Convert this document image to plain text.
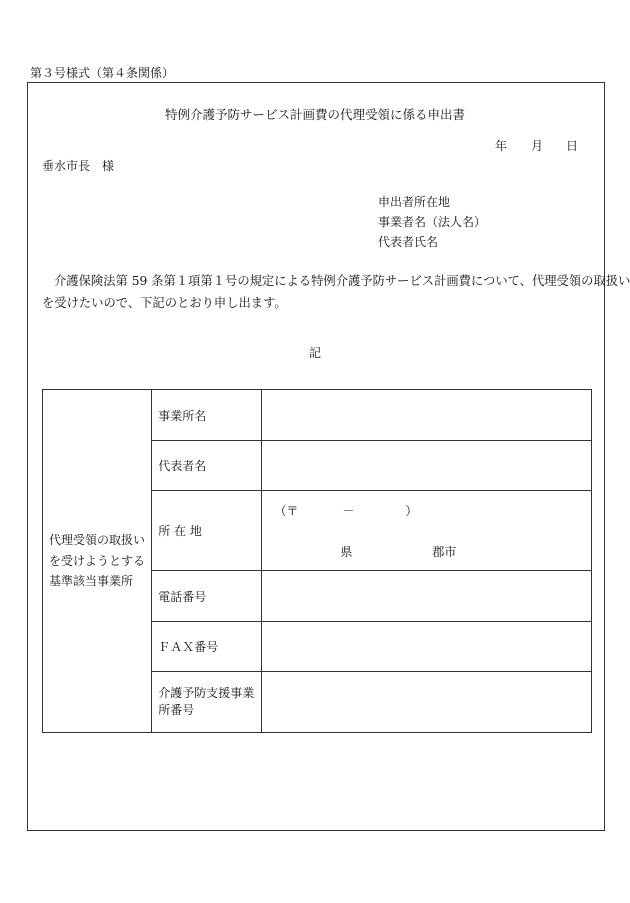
第３号様式（第４条関係）
特例介護予防サービス計画費の代理受領に係る申出書
年 月 日
垂水市長　様
申出者所在地
事業者名（法人名）
代表者氏名
介護保険法第 59 条第１項第１号の規定による特例介護予防サービス計画費について、代理受領の取扱い
を受けたいので、下記のとおり申し出ます。
記
代理受領の取扱いを受けようとする基準該当事業所	事業所名	
	代表者名	
	所 在 地	（〒 － ）
県 郡市

	電話番号	
	ＦＡＸ番号	
	介護予防支援事業所番号	
